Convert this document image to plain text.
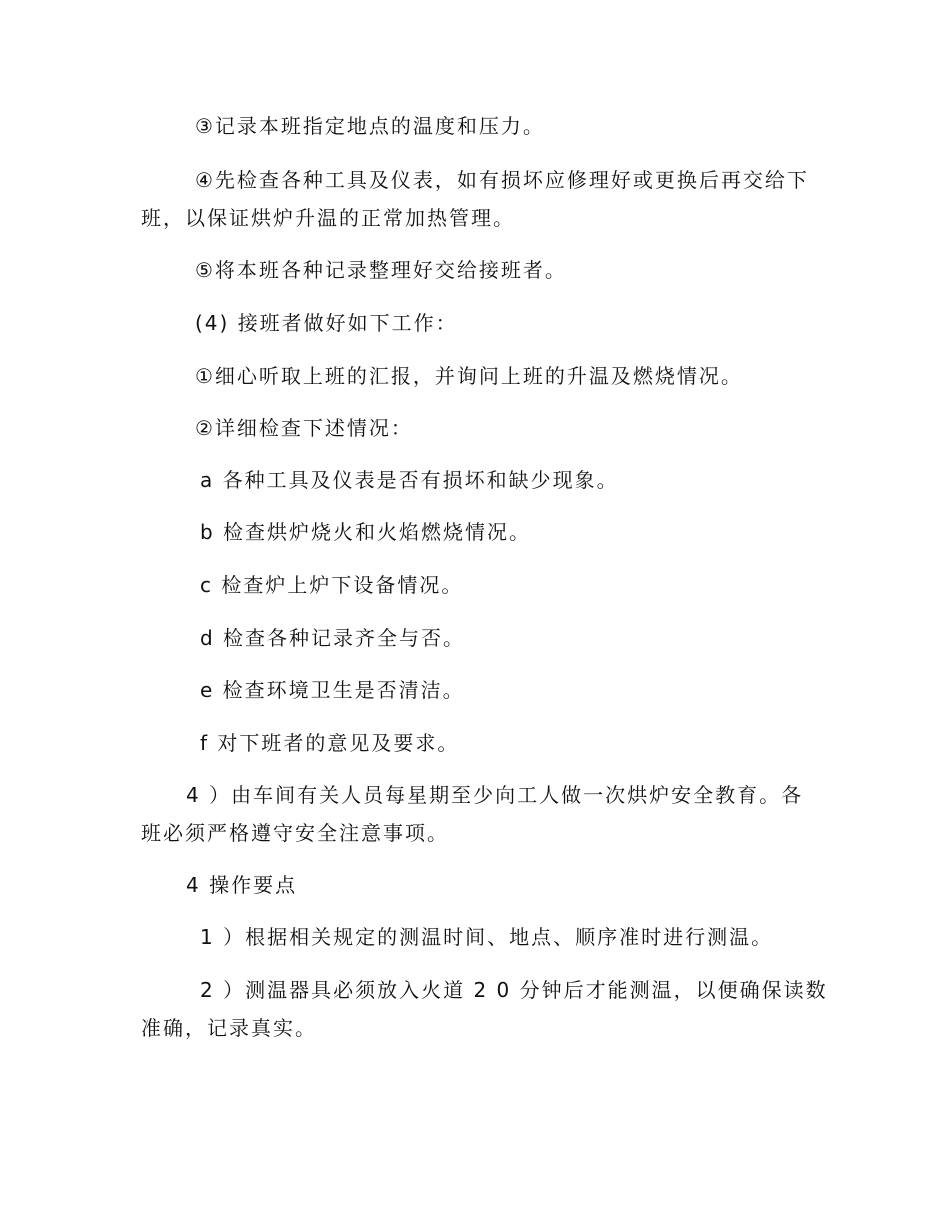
③记录本班指定地点的温度和压力。
④先检查各种工具及仪表，如有损坏应修理好或更换后再交给下
班，以保证烘炉升温的正常加热管理。
⑤将本班各种记录整理好交给接班者。
(4) 接班者做好如下工作：
①细心听取上班的汇报，并询问上班的升温及燃烧情况。
②详细检查下述情况：
a 各种工具及仪表是否有损坏和缺少现象。
b 检查烘炉烧火和火焰燃烧情况。
c 检查炉上炉下设备情况。
d 检查各种记录齐全与否。
e 检查环境卫生是否清洁。
f 对下班者的意见及要求。
4 ）由车间有关人员每星期至少向工人做一次烘炉安全教育。各
班必须严格遵守安全注意事项。
4 操作要点
1 ）根据相关规定的测温时间、地点、顺序准时进行测温。
2 ）测温器具必须放入火道 2 0 分钟后才能测温，以便确保读数
准确，记录真实。
